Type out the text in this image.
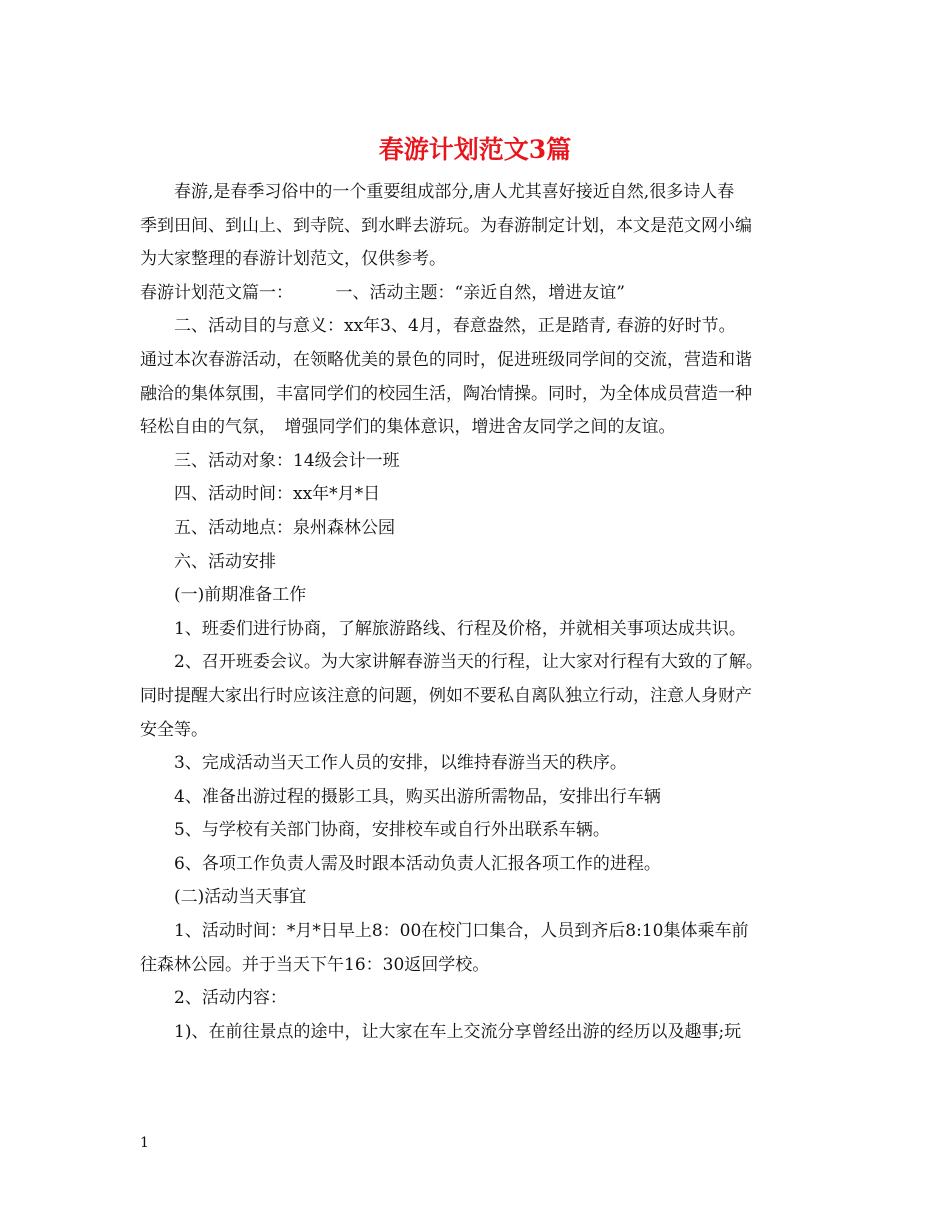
春游计划范文3篇
春游,是春季习俗中的一个重要组成部分,唐人尤其喜好接近自然,很多诗人春
季到田间、到山上、到寺院、到水畔去游玩。为春游制定计划，本文是范文网小编
为大家整理的春游计划范文，仅供参考。
春游计划范文篇一：　　　一、活动主题：“亲近自然，增进友谊”
二、活动目的与意义：xx年3、4月，春意盎然，正是踏青, 春游的好时节。
通过本次春游活动，在领略优美的景色的同时，促进班级同学间的交流，营造和谐
融洽的集体氛围，丰富同学们的校园生活，陶冶情操。同时，为全体成员营造一种
轻松自由的气氛，　增强同学们的集体意识，增进舍友同学之间的友谊。
三、活动对象：14级会计一班
四、活动时间：xx年*月*日
五、活动地点：泉州森林公园
六、活动安排
(一)前期准备工作
1、班委们进行协商，了解旅游路线、行程及价格，并就相关事项达成共识。
2、召开班委会议。为大家讲解春游当天的行程，让大家对行程有大致的了解。
同时提醒大家出行时应该注意的问题，例如不要私自离队独立行动，注意人身财产
安全等。
3、完成活动当天工作人员的安排，以维持春游当天的秩序。
4、准备出游过程的摄影工具，购买出游所需物品，安排出行车辆
5、与学校有关部门协商，安排校车或自行外出联系车辆。
6、各项工作负责人需及时跟本活动负责人汇报各项工作的进程。
(二)活动当天事宜
1、活动时间：*月*日早上8：00在校门口集合，人员到齐后8:10集体乘车前
往森林公园。并于当天下午16：30返回学校。
2、活动内容：
1)、在前往景点的途中，让大家在车上交流分享曾经出游的经历以及趣事;玩
1
